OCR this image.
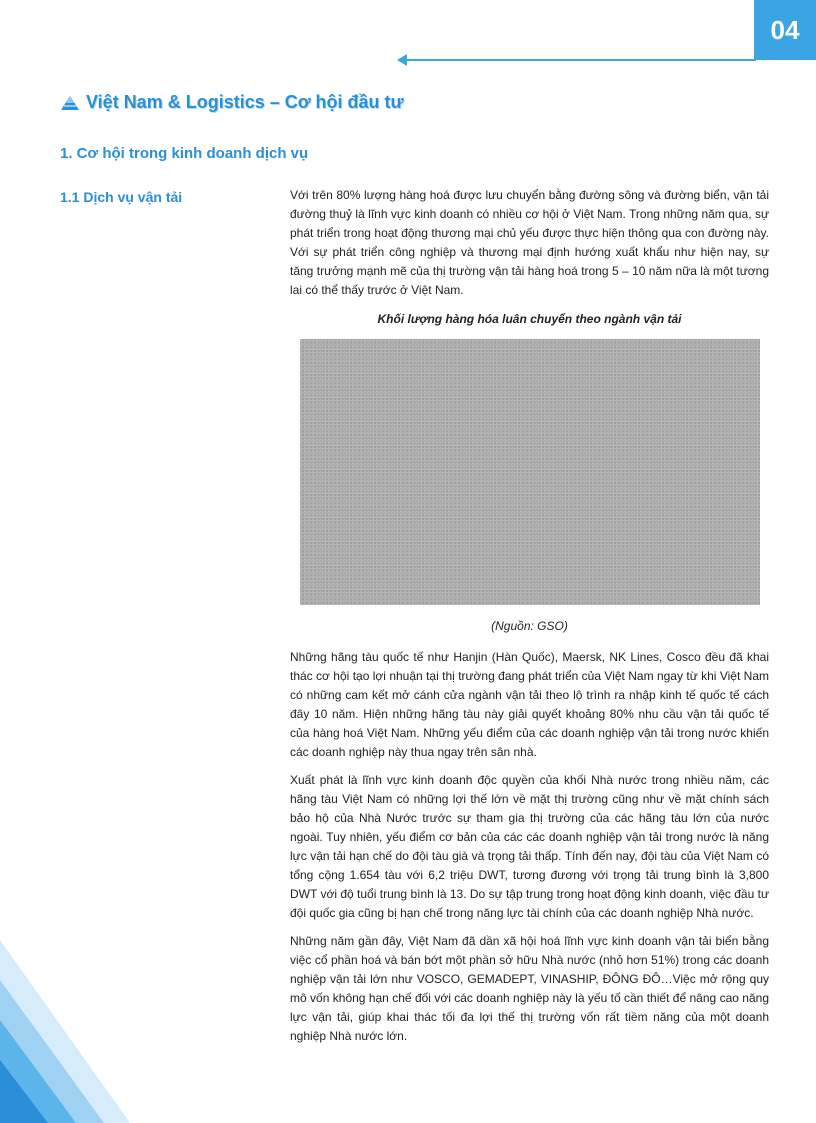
04
Việt Nam & Logistics – Cơ hội đầu tư
1. Cơ hội trong kinh doanh dịch vụ
1.1 Dịch vụ vận tải	Với trên 80% lượng hàng hoá được lưu chuyển bằng đường sông và đường biển, vận tải đường thuỷ là lĩnh vực kinh doanh có nhiều cơ hội ở Việt Nam. Trong những năm qua, sự phát triển trong hoạt động thương mại chủ yếu được thực hiện thông qua con đường này. Với sự phát triển công nghiệp và thương mại định hướng xuất khẩu như hiện nay, sự tăng trưởng mạnh mẽ của thị trường vận tải hàng hoá trong 5 – 10 năm nữa là một tương lai có thể thấy trước ở Việt Nam.

Khối lượng hàng hóa luân chuyển theo ngành vận tải
(Nguồn: GSO)

Những hãng tàu quốc tế như Hanjin (Hàn Quốc), Maersk, NK Lines, Cosco đều đã khai thác cơ hội tạo lợi nhuận tại thị trường đang phát triển của Việt Nam ngay từ khi Việt Nam có những cam kết mở cánh cửa ngành vận tải theo lộ trình ra nhập kinh tế quốc tế cách đây 10 năm. Hiện những hãng tàu này giải quyết khoảng 80% nhu cầu vận tải quốc tế của hàng hoá Việt Nam. Những yếu điểm của các doanh nghiệp vận tải trong nước khiến các doanh nghiệp này thua ngay trên sân nhà.

Xuất phát là lĩnh vực kinh doanh độc quyền của khối Nhà nước trong nhiều năm, các hãng tàu Việt Nam có những lợi thế lớn về mặt thị trường cũng như về mặt chính sách bảo hộ của Nhà Nước trước sự tham gia thị trường của các hãng tàu lớn của nước ngoài. Tuy nhiên, yếu điểm cơ bản của các các doanh nghiệp vận tải trong nước là năng lực vận tải hạn chế do đội tàu già và trọng tải thấp. Tính đến nay, đội tàu của Việt Nam có tổng cộng 1.654 tàu với 6,2 triệu DWT, tương đương với trọng tải trung bình là 3,800 DWT với độ tuổi trung bình là 13. Do sự tập trung trong hoạt động kinh doanh, việc đầu tư đội quốc gia cũng bị hạn chế trong năng lực tài chính của các doanh nghiệp Nhà nước.

Những năm gần đây, Việt Nam đã dần xã hội hoá lĩnh vực kinh doanh vận tải biển bằng việc cổ phần hoá và bán bớt một phần sở hữu Nhà nước (nhỏ hơn 51%) trong các doanh nghiệp vận tải lớn như VOSCO, GEMADEPT, VINASHIP, ĐÔNG ĐÔ…Việc mở rộng quy mô vốn không hạn chế đối với các doanh nghiệp này là yếu tố cần thiết để nâng cao năng lực vận tải, giúp khai thác tối đa lợi thế thị trường vốn rất tiềm năng của một doanh nghiệp Nhà nước lớn.
